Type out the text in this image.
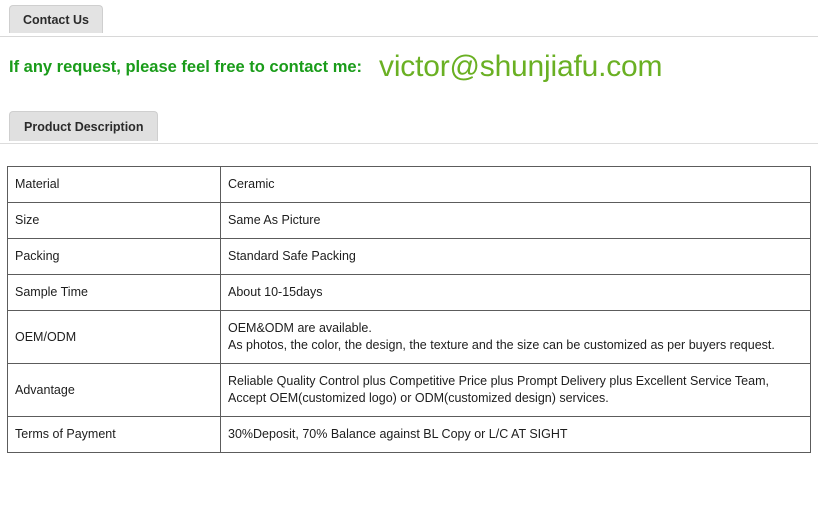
Contact Us
If any request, please feel free to contact me: victor@shunjiafu.com
Product Description
Material	Ceramic
Size	Same As Picture
Packing	Standard Safe Packing
Sample Time	About 10-15days
OEM/ODM	OEM&ODM are available.
As photos, the color, the design, the texture and the size can be customized as per buyers request.

Advantage	Reliable Quality Control plus Competitive Price plus Prompt Delivery plus Excellent Service Team, Accept OEM(customized logo) or ODM(customized design) services.
Terms of Payment	30%Deposit, 70% Balance against BL Copy or L/C AT SIGHT
